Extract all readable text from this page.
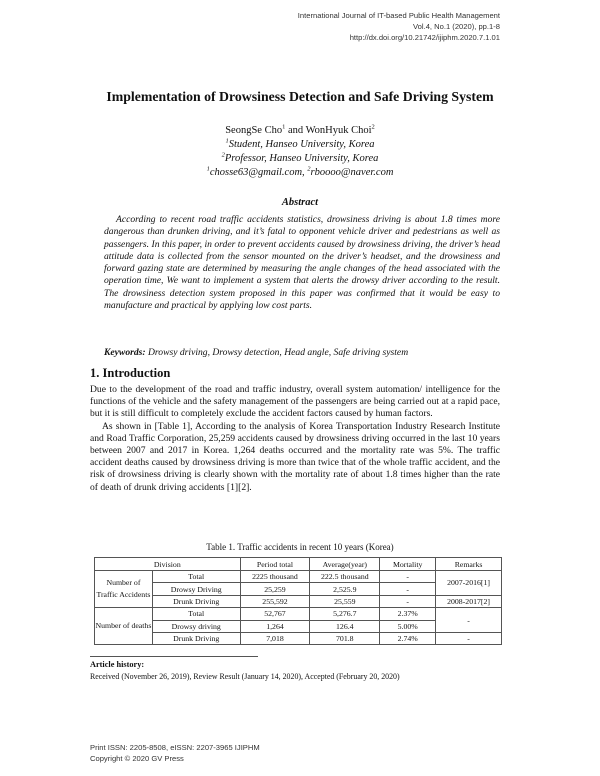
International Journal of IT-based Public Health Management
Vol.4, No.1 (2020), pp.1-8
http://dx.doi.org/10.21742/ijiphm.2020.7.1.01
Implementation of Drowsiness Detection and Safe Driving System
SeongSe Cho$^1$ and WonHyuk Choi$^2$
$^1$Student, Hanseo University, Korea
$^2$Professor, Hanseo University, Korea
$^1$chosse63@gmail.com, $^2$rboooo@naver.com
Abstract
According to recent road traffic accidents statistics, drowsiness driving is about 1.8 times more dangerous than drunken driving, and it’s fatal to opponent vehicle driver and pedestrians as well as passengers. In this paper, in order to prevent accidents caused by drowsiness driving, the driver’s head attitude data is collected from the sensor mounted on the driver’s headset, and the drowsiness and forward gazing state are determined by measuring the angle changes of the head associated with the operation time, We want to implement a system that alerts the drowsy driver according to the result. The drowsiness detection system proposed in this paper was confirmed that it would be easy to manufacture and practical by applying low cost parts.
Keywords: Drowsy driving, Drowsy detection, Head angle, Safe driving system
1. Introduction

Due to the development of the road and traffic industry, overall system automation/ intelligence for the functions of the vehicle and the safety management of the passengers are being carried out at a rapid pace, but it is still difficult to completely exclude the accident factors caused by human factors.

As shown in [Table 1], According to the analysis of Korea Transportation Industry Research Institute and Road Traffic Corporation, 25,259 accidents caused by drowsiness driving occurred in the last 10 years between 2007 and 2017 in Korea. 1,264 deaths occurred and the mortality rate was 5%. The traffic accident deaths caused by drowsiness driving is more than twice that of the whole traffic accident, and the risk of drowsiness driving is clearly shown with the mortality rate of about 1.8 times higher than the rate of death of drunk driving accidents [1][2].

Table 1. Traffic accidents in recent 10 years (Korea)
Division		Period total	Average(year)	Mortality	Remarks
Number of Traffic Accidents	Total	2225 thousand	222.5 thousand	-	2007-2016[1]
	Drowsy Driving	25,259	2,525.9	-	
	Drunk Driving	255,592	25,559	-	2008-2017[2]
Number of deaths	Total	52,767	5,276.7	2.37%	-
	Drowsy driving	1,264	126.4	5.00%	
	Drunk Driving	7,018	701.8	2.74%	-
Article history:
Received (November 26, 2019), Review Result (January 14, 2020), Accepted (February 20, 2020)
Print ISSN: 2205-8508, eISSN: 2207-3965 IJIPHM
Copyright © 2020 GV Press
